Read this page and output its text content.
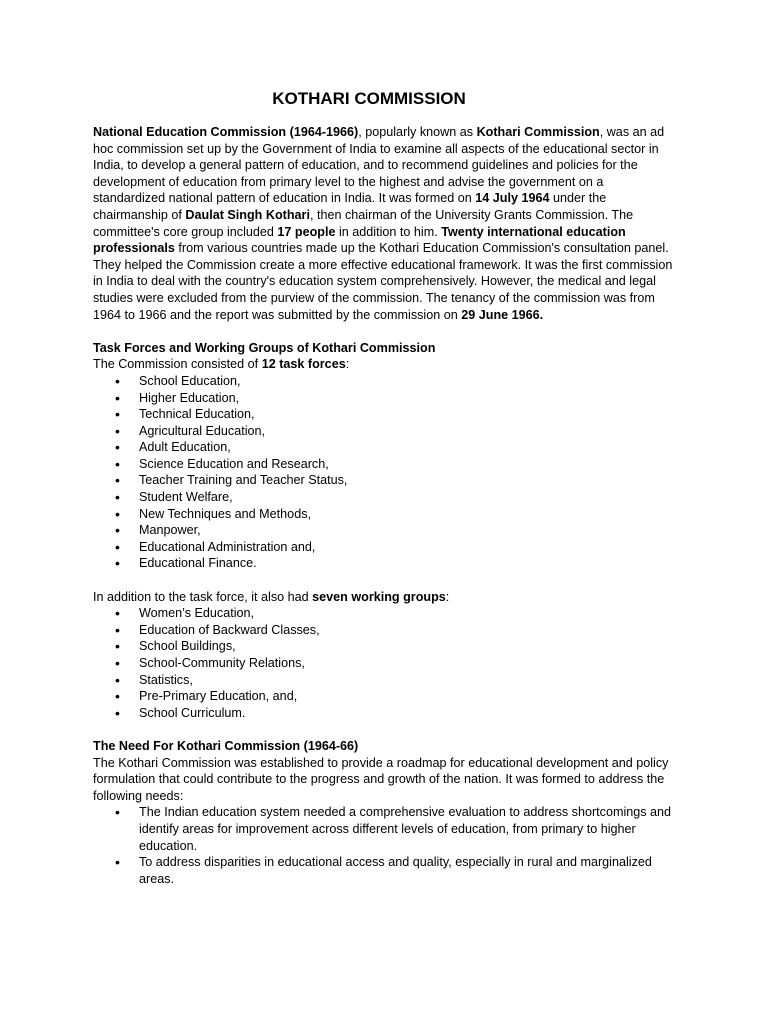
KOTHARI COMMISSION

National Education Commission (1964-1966), popularly known as Kothari Commission, was an ad hoc commission set up by the Government of India to examine all aspects of the educational sector in India, to develop a general pattern of education, and to recommend guidelines and policies for the development of education from primary level to the highest and advise the government on a standardized national pattern of education in India. It was formed on 14 July 1964 under the chairmanship of Daulat Singh Kothari, then chairman of the University Grants Commission. The committee's core group included 17 people in addition to him. Twenty international education professionals from various countries made up the Kothari Education Commission's consultation panel. They helped the Commission create a more effective educational framework. It was the first commission in India to deal with the country's education system comprehensively. However, the medical and legal studies were excluded from the purview of the commission. The tenancy of the commission was from 1964 to 1966 and the report was submitted by the commission on 29 June 1966.

Task Forces and Working Groups of Kothari Commission

The Commission consisted of 12 task forces:

• School Education,
• Higher Education,
• Technical Education,
• Agricultural Education,
• Adult Education,
• Science Education and Research,
• Teacher Training and Teacher Status,
• Student Welfare,
• New Techniques and Methods,
• Manpower,
• Educational Administration and,
• Educational Finance.

In addition to the task force, it also had seven working groups:

• Women’s Education,
• Education of Backward Classes,
• School Buildings,
• School-Community Relations,
• Statistics,
• Pre-Primary Education, and,
• School Curriculum.

The Need For Kothari Commission (1964-66)

The Kothari Commission was established to provide a roadmap for educational development and policy formulation that could contribute to the progress and growth of the nation. It was formed to address the following needs:

• The Indian education system needed a comprehensive evaluation to address shortcomings and identify areas for improvement across different levels of education, from primary to higher education.
• To address disparities in educational access and quality, especially in rural and marginalized areas.
